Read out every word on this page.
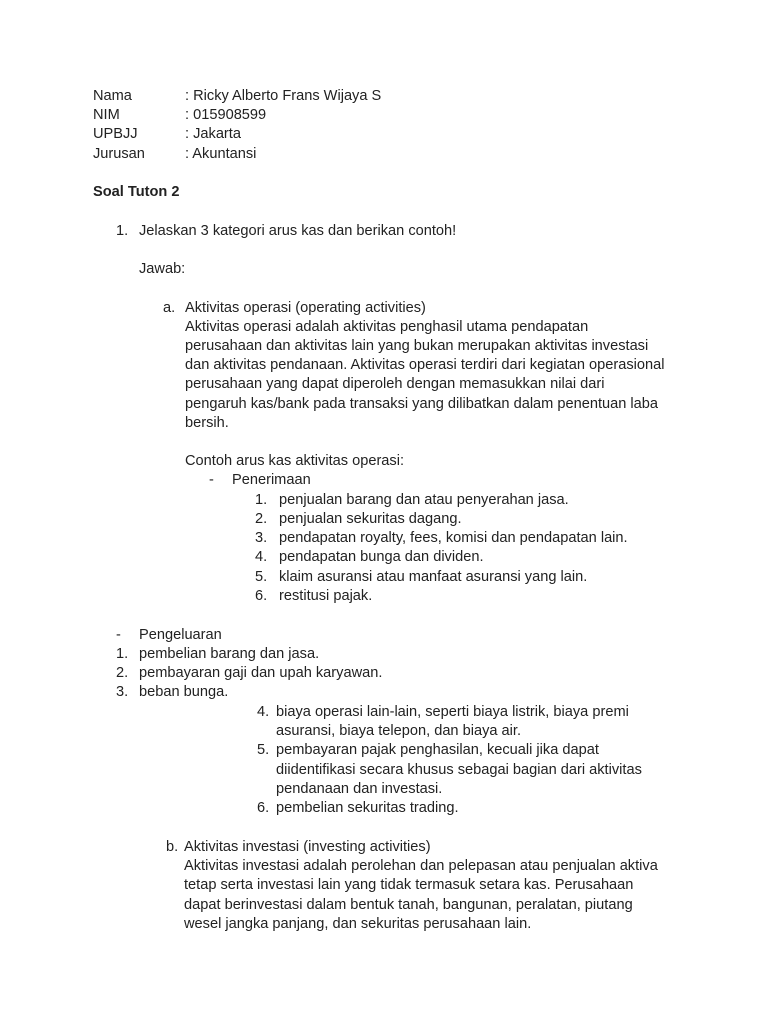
Nama	: Ricky Alberto Frans Wijaya S
NIM	: 015908599
UPBJJ	: Jakarta
Jurusan	: Akuntansi
Soal Tuton 2
1. Jelaskan 3 kategori arus kas dan berikan contoh!
Jawab:
a. Aktivitas operasi (operating activities)
Aktivitas operasi adalah aktivitas penghasil utama pendapatan
perusahaan dan aktivitas lain yang bukan merupakan aktivitas investasi
dan aktivitas pendanaan. Aktivitas operasi terdiri dari kegiatan operasional
perusahaan yang dapat diperoleh dengan memasukkan nilai dari
pengaruh kas/bank pada transaksi yang dilibatkan dalam penentuan laba
bersih.
Contoh arus kas aktivitas operasi:
- Penerimaan
1. penjualan barang dan atau penyerahan jasa.
2. penjualan sekuritas dagang.
3. pendapatan royalty, fees, komisi dan pendapatan lain.
4. pendapatan bunga dan dividen.
5. klaim asuransi atau manfaat asuransi yang lain.
6. restitusi pajak.
- Pengeluaran
1. pembelian barang dan jasa.
2. pembayaran gaji dan upah karyawan.
3. beban bunga.
4. biaya operasi lain-lain, seperti biaya listrik, biaya premi
asuransi, biaya telepon, dan biaya air.
5. pembayaran pajak penghasilan, kecuali jika dapat
diidentifikasi secara khusus sebagai bagian dari aktivitas
pendanaan dan investasi.
6. pembelian sekuritas trading.
b. Aktivitas investasi (investing activities)
Aktivitas investasi adalah perolehan dan pelepasan atau penjualan aktiva
tetap serta investasi lain yang tidak termasuk setara kas. Perusahaan
dapat berinvestasi dalam bentuk tanah, bangunan, peralatan, piutang
wesel jangka panjang, dan sekuritas perusahaan lain.
